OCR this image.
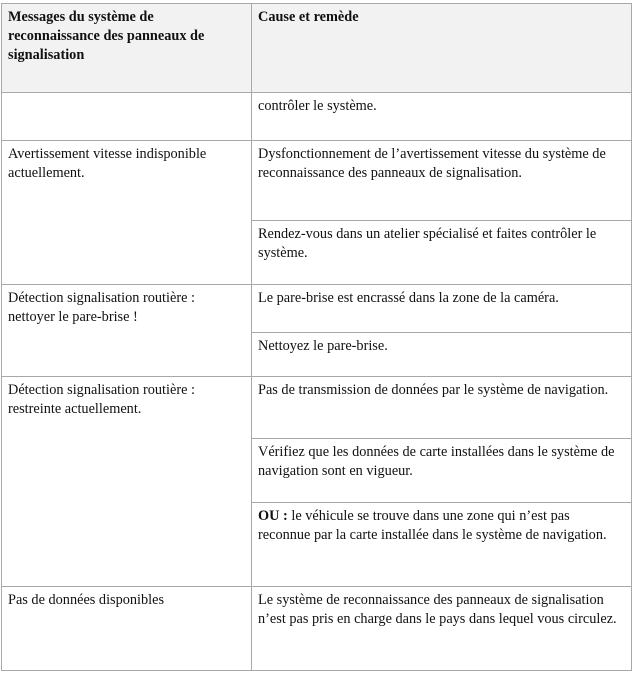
Messages du système de reconnaissance des panneaux de signalisation	Cause et remède
	contrôler le système.
Avertissement vitesse indisponible actuellement.	Dysfonctionnement de l’avertissement vitesse du système de reconnaissance des panneaux de signalisation.
	Rendez-vous dans un atelier spécialisé et faites contrôler le système.
Détection signalisation routière : nettoyer le pare-brise !	Le pare-brise est encrassé dans la zone de la caméra.
	Nettoyez le pare-brise.
Détection signalisation routière : restreinte actuellement.	Pas de transmission de données par le système de navigation.
	Vérifiez que les données de carte installées dans le système de navigation sont en vigueur.
	OU : le véhicule se trouve dans une zone qui n’est pas reconnue par la carte installée dans le système de navigation.
Pas de données disponibles	Le système de reconnaissance des panneaux de signalisation n’est pas pris en charge dans le pays dans lequel vous circulez.
